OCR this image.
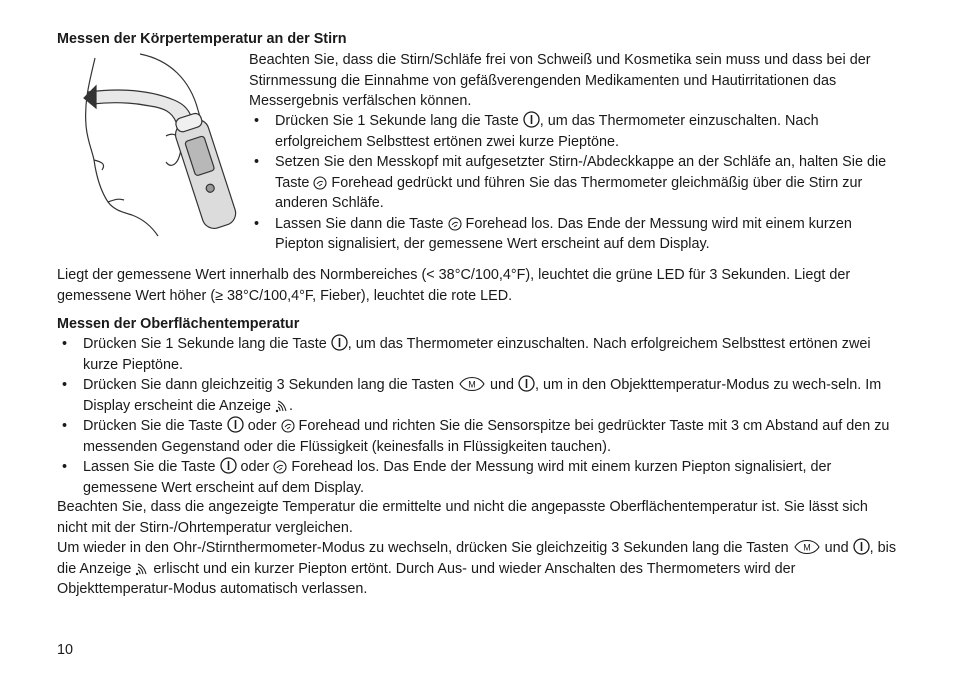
Messen der Körpertemperatur an der Stirn

Beachten Sie, dass die Stirn/Schläfe frei von Schweiß und Kosmetika sein muss und dass bei der Stirnmessung die Einnahme von gefäßverengenden Medikamenten und Hautirritationen das Messergebnis verfälschen können.

• Drücken Sie 1 Sekunde lang die Taste
, um das Thermometer einzuschalten. Nach erfolgreichem Selbsttest ertönen zwei kurze Pieptöne.
• Setzen Sie den Messkopf mit aufgesetzter Stirn-/Abdeckkappe an der Schläfe an, halten Sie die Taste
Forehead gedrückt und führen Sie das Thermometer gleichmäßig über die Stirn zur anderen Schläfe.
• Lassen Sie dann die Taste
Forehead los. Das Ende der Messung wird mit einem kurzen Piepton signalisiert, der gemessene Wert erscheint auf dem Display.

Liegt der gemessene Wert innerhalb des Normbereiches (< 38°C/100,4°F), leuchtet die grüne LED für 3 Sekunden. Liegt der gemessene Wert höher (≥ 38°C/100,4°F, Fieber), leuchtet die rote LED.

Messen der Oberflächentemperatur
• Drücken Sie 1 Sekunde lang die Taste
, um das Thermometer einzuschalten. Nach erfolgreichem Selbsttest ertönen zwei kurze Pieptöne.
• Drücken Sie dann gleichzeitig 3 Sekunden lang die Tasten M und
, um in den Objekttemperatur-Modus zu wech-seln. Im Display erscheint die Anzeige
.
• Drücken Sie die Taste
oder
Forehead und richten Sie die Sensorspitze bei gedrückter Taste mit 3 cm Abstand auf den zu messenden Gegenstand oder die Flüssigkeit (keinesfalls in Flüssigkeiten tauchen).
• Lassen Sie die Taste
oder
Forehead los. Das Ende der Messung wird mit einem kurzen Piepton signalisiert, der gemessene Wert erscheint auf dem Display.

Beachten Sie, dass die angezeigte Temperatur die ermittelte und nicht die angepasste Oberflächentemperatur ist. Sie lässt sich nicht mit der Stirn-/Ohrtemperatur vergleichen.

Um wieder in den Ohr-/Stirnthermometer-Modus zu wechseln, drücken Sie gleichzeitig 3 Sekunden lang die Tasten M und
, bis die Anzeige
erlischt und ein kurzer Piepton ertönt. Durch Aus- und wieder Anschalten des Thermometers wird der Objekttemperatur-Modus automatisch verlassen.

10
